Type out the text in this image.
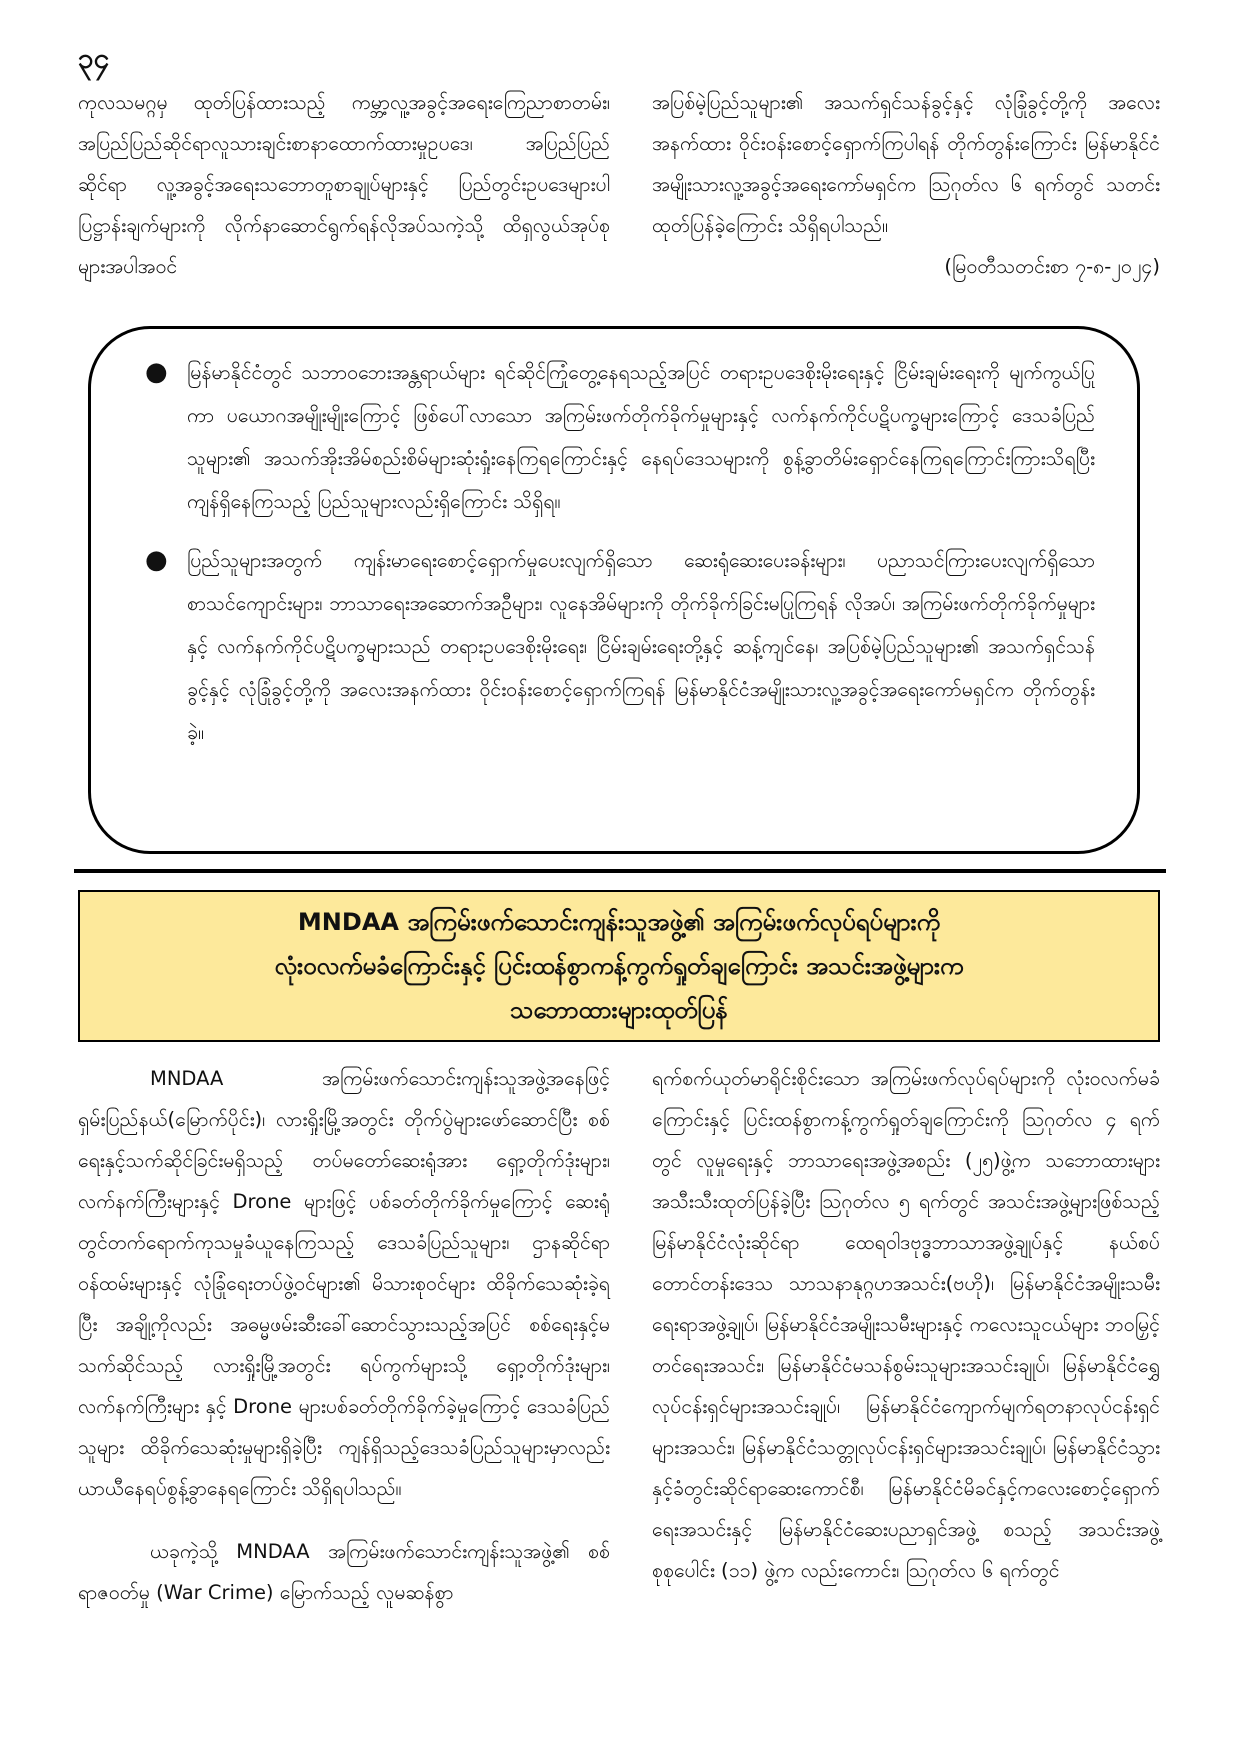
၃၄

ကုလသမဂ္ဂမှ ထုတ်ပြန်ထားသည့် ကမ္ဘာ့လူ့အခွင့်အရေးကြေညာစာတမ်း၊ အပြည်ပြည်ဆိုင်ရာလူသားချင်းစာနာထောက်ထားမှုဥပဒေ၊ အပြည်ပြည်ဆိုင်ရာ လူ့အခွင့်အရေးသဘောတူစာချုပ်များနှင့် ပြည်တွင်းဥပဒေများပါ ပြဋ္ဌာန်းချက်များကို လိုက်နာဆောင်ရွက်ရန်လိုအပ်သကဲ့သို့ ထိရှလွယ်အုပ်စုများအပါအဝင်

အပြစ်မဲ့ပြည်သူများ၏ အသက်ရှင်သန်ခွင့်နှင့် လုံခြုံခွင့်တို့ကို အလေးအနက်ထား ဝိုင်းဝန်းစောင့်ရှောက်ကြပါရန် တိုက်တွန်းကြောင်း မြန်မာနိုင်ငံအမျိုးသားလူ့အခွင့်အရေးကော်မရှင်က ဩဂုတ်လ ၆ ရက်တွင် သတင်းထုတ်ပြန်ခဲ့ကြောင်း သိရှိရပါသည်။

(မြဝတီသတင်းစာ ၇-၈-၂၀၂၄)

● မြန်မာနိုင်ငံတွင် သဘာဝဘေးအန္တရာယ်များ ရင်ဆိုင်ကြုံတွေ့နေရသည့်အပြင် တရားဥပဒေစိုးမိုးရေးနှင့် ငြိမ်းချမ်းရေးကို မျက်ကွယ်ပြုကာ ပယောဂအမျိုးမျိုးကြောင့် ဖြစ်ပေါ်လာသော အကြမ်းဖက်တိုက်ခိုက်မှုများနှင့် လက်နက်ကိုင်ပဋိပက္ခများကြောင့် ဒေသခံပြည်သူများ၏ အသက်အိုးအိမ်စည်းစိမ်များဆုံးရှုံးနေကြရကြောင်းနှင့် နေရပ်ဒေသများကို စွန့်ခွာတိမ်းရှောင်နေကြရကြောင်းကြားသိရပြီး ကျန်ရှိနေကြသည့် ပြည်သူများလည်းရှိကြောင်း သိရှိရ။
● ပြည်သူများအတွက် ကျန်းမာရေးစောင့်ရှောက်မှုပေးလျက်ရှိသော ဆေးရုံဆေးပေးခန်းများ၊ ပညာသင်ကြားပေးလျက်ရှိသော စာသင်ကျောင်းများ၊ ဘာသာရေးအဆောက်အဦများ၊ လူနေအိမ်များကို တိုက်ခိုက်ခြင်းမပြုကြရန် လိုအပ်၊ အကြမ်းဖက်တိုက်ခိုက်မှုများနှင့် လက်နက်ကိုင်ပဋိပက္ခများသည် တရားဥပဒေစိုးမိုးရေး၊ ငြိမ်းချမ်းရေးတို့နှင့် ဆန့်ကျင်နေ၊ အပြစ်မဲ့ပြည်သူများ၏ အသက်ရှင်သန်ခွင့်နှင့် လုံခြုံခွင့်တို့ကို အလေးအနက်ထား ဝိုင်းဝန်းစောင့်ရှောက်ကြရန် မြန်မာနိုင်ငံအမျိုးသားလူ့အခွင့်အရေးကော်မရှင်က တိုက်တွန်းခဲ့။
MNDAA အကြမ်းဖက်သောင်းကျန်းသူအဖွဲ့၏ အကြမ်းဖက်လုပ်ရပ်များကို
လုံးဝလက်မခံကြောင်းနှင့် ပြင်းထန်စွာကန့်ကွက်ရှုတ်ချကြောင်း အသင်းအဖွဲ့များက
သဘောထားများထုတ်ပြန်

MNDAA အကြမ်းဖက်သောင်းကျန်းသူအဖွဲ့အနေဖြင့် ရှမ်းပြည်နယ်(မြောက်ပိုင်း)၊ လားရှိုးမြို့အတွင်း တိုက်ပွဲများဖော်ဆောင်ပြီး စစ်ရေးနှင့်သက်ဆိုင်ခြင်းမရှိသည့် တပ်မတော်ဆေးရုံအား ရှော့တိုက်ဒုံးများ၊ လက်နက်ကြီးများနှင့် Drone များဖြင့် ပစ်ခတ်တိုက်ခိုက်မှုကြောင့် ဆေးရုံတွင်တက်ရောက်ကုသမှုခံယူနေကြသည့် ဒေသခံပြည်သူများ၊ ဌာနဆိုင်ရာဝန်ထမ်းများနှင့် လုံခြုံရေးတပ်ဖွဲ့ဝင်များ၏ မိသားစုဝင်များ ထိခိုက်သေဆုံးခဲ့ရပြီး အချို့ကိုလည်း အဓမ္မဖမ်းဆီးခေါ်ဆောင်သွားသည့်အပြင် စစ်ရေးနှင့်မသက်ဆိုင်သည့် လားရှိုးမြို့အတွင်း ရပ်ကွက်များသို့ ရှော့တိုက်ဒုံးများ၊ လက်နက်ကြီးများ နှင့် Drone များပစ်ခတ်တိုက်ခိုက်ခဲ့မှုကြောင့် ဒေသခံပြည်သူများ ထိခိုက်သေဆုံးမှုများရှိခဲ့ပြီး ကျန်ရှိသည့်ဒေသခံပြည်သူများမှာလည်း ယာယီနေရပ်စွန့်ခွာနေရကြောင်း သိရှိရပါသည်။

ယခုကဲ့သို့ MNDAA အကြမ်းဖက်သောင်းကျန်းသူအဖွဲ့၏ စစ်ရာဇဝတ်မှု (War Crime) မြောက်သည့် လူမဆန်စွာ

ရက်စက်ယုတ်မာရိုင်းစိုင်းသော အကြမ်းဖက်လုပ်ရပ်များကို လုံးဝလက်မခံကြောင်းနှင့် ပြင်းထန်စွာကန့်ကွက်ရှုတ်ချကြောင်းကို ဩဂုတ်လ ၄ ရက်တွင် လူမှုရေးနှင့် ဘာသာရေးအဖွဲ့အစည်း (၂၅)ဖွဲ့က သဘောထားများ အသီးသီးထုတ်ပြန်ခဲ့ပြီး ဩဂုတ်လ ၅ ရက်တွင် အသင်းအဖွဲ့များဖြစ်သည့် မြန်မာနိုင်ငံလုံးဆိုင်ရာ ထေရဝါဒဗုဒ္ဓဘာသာအဖွဲ့ချုပ်နှင့် နယ်စပ်တောင်တန်းဒေသ သာသနာနုဂ္ဂဟအသင်း(ဗဟို)၊ မြန်မာနိုင်ငံအမျိုးသမီးရေးရာအဖွဲ့ချုပ်၊ မြန်မာနိုင်ငံအမျိုးသမီးများနှင့် ကလေးသူငယ်များ ဘဝမြှင့်တင်ရေးအသင်း၊ မြန်မာနိုင်ငံမသန်စွမ်းသူများအသင်းချုပ်၊ မြန်မာနိုင်ငံရွှေလုပ်ငန်းရှင်များအသင်းချုပ်၊ မြန်မာနိုင်ငံကျောက်မျက်ရတနာလုပ်ငန်းရှင်များအသင်း၊ မြန်မာနိုင်ငံသတ္တုလုပ်ငန်းရှင်များအသင်းချုပ်၊ မြန်မာနိုင်ငံသွားနှင့်ခံတွင်းဆိုင်ရာဆေးကောင်စီ၊ မြန်မာနိုင်ငံမိခင်နှင့်ကလေးစောင့်ရှောက်ရေးအသင်းနှင့် မြန်မာနိုင်ငံဆေးပညာရှင်အဖွဲ့ စသည့် အသင်းအဖွဲ့ စုစုပေါင်း (၁၁) ဖွဲ့က လည်းကောင်း၊ ဩဂုတ်လ ၆ ရက်တွင်
